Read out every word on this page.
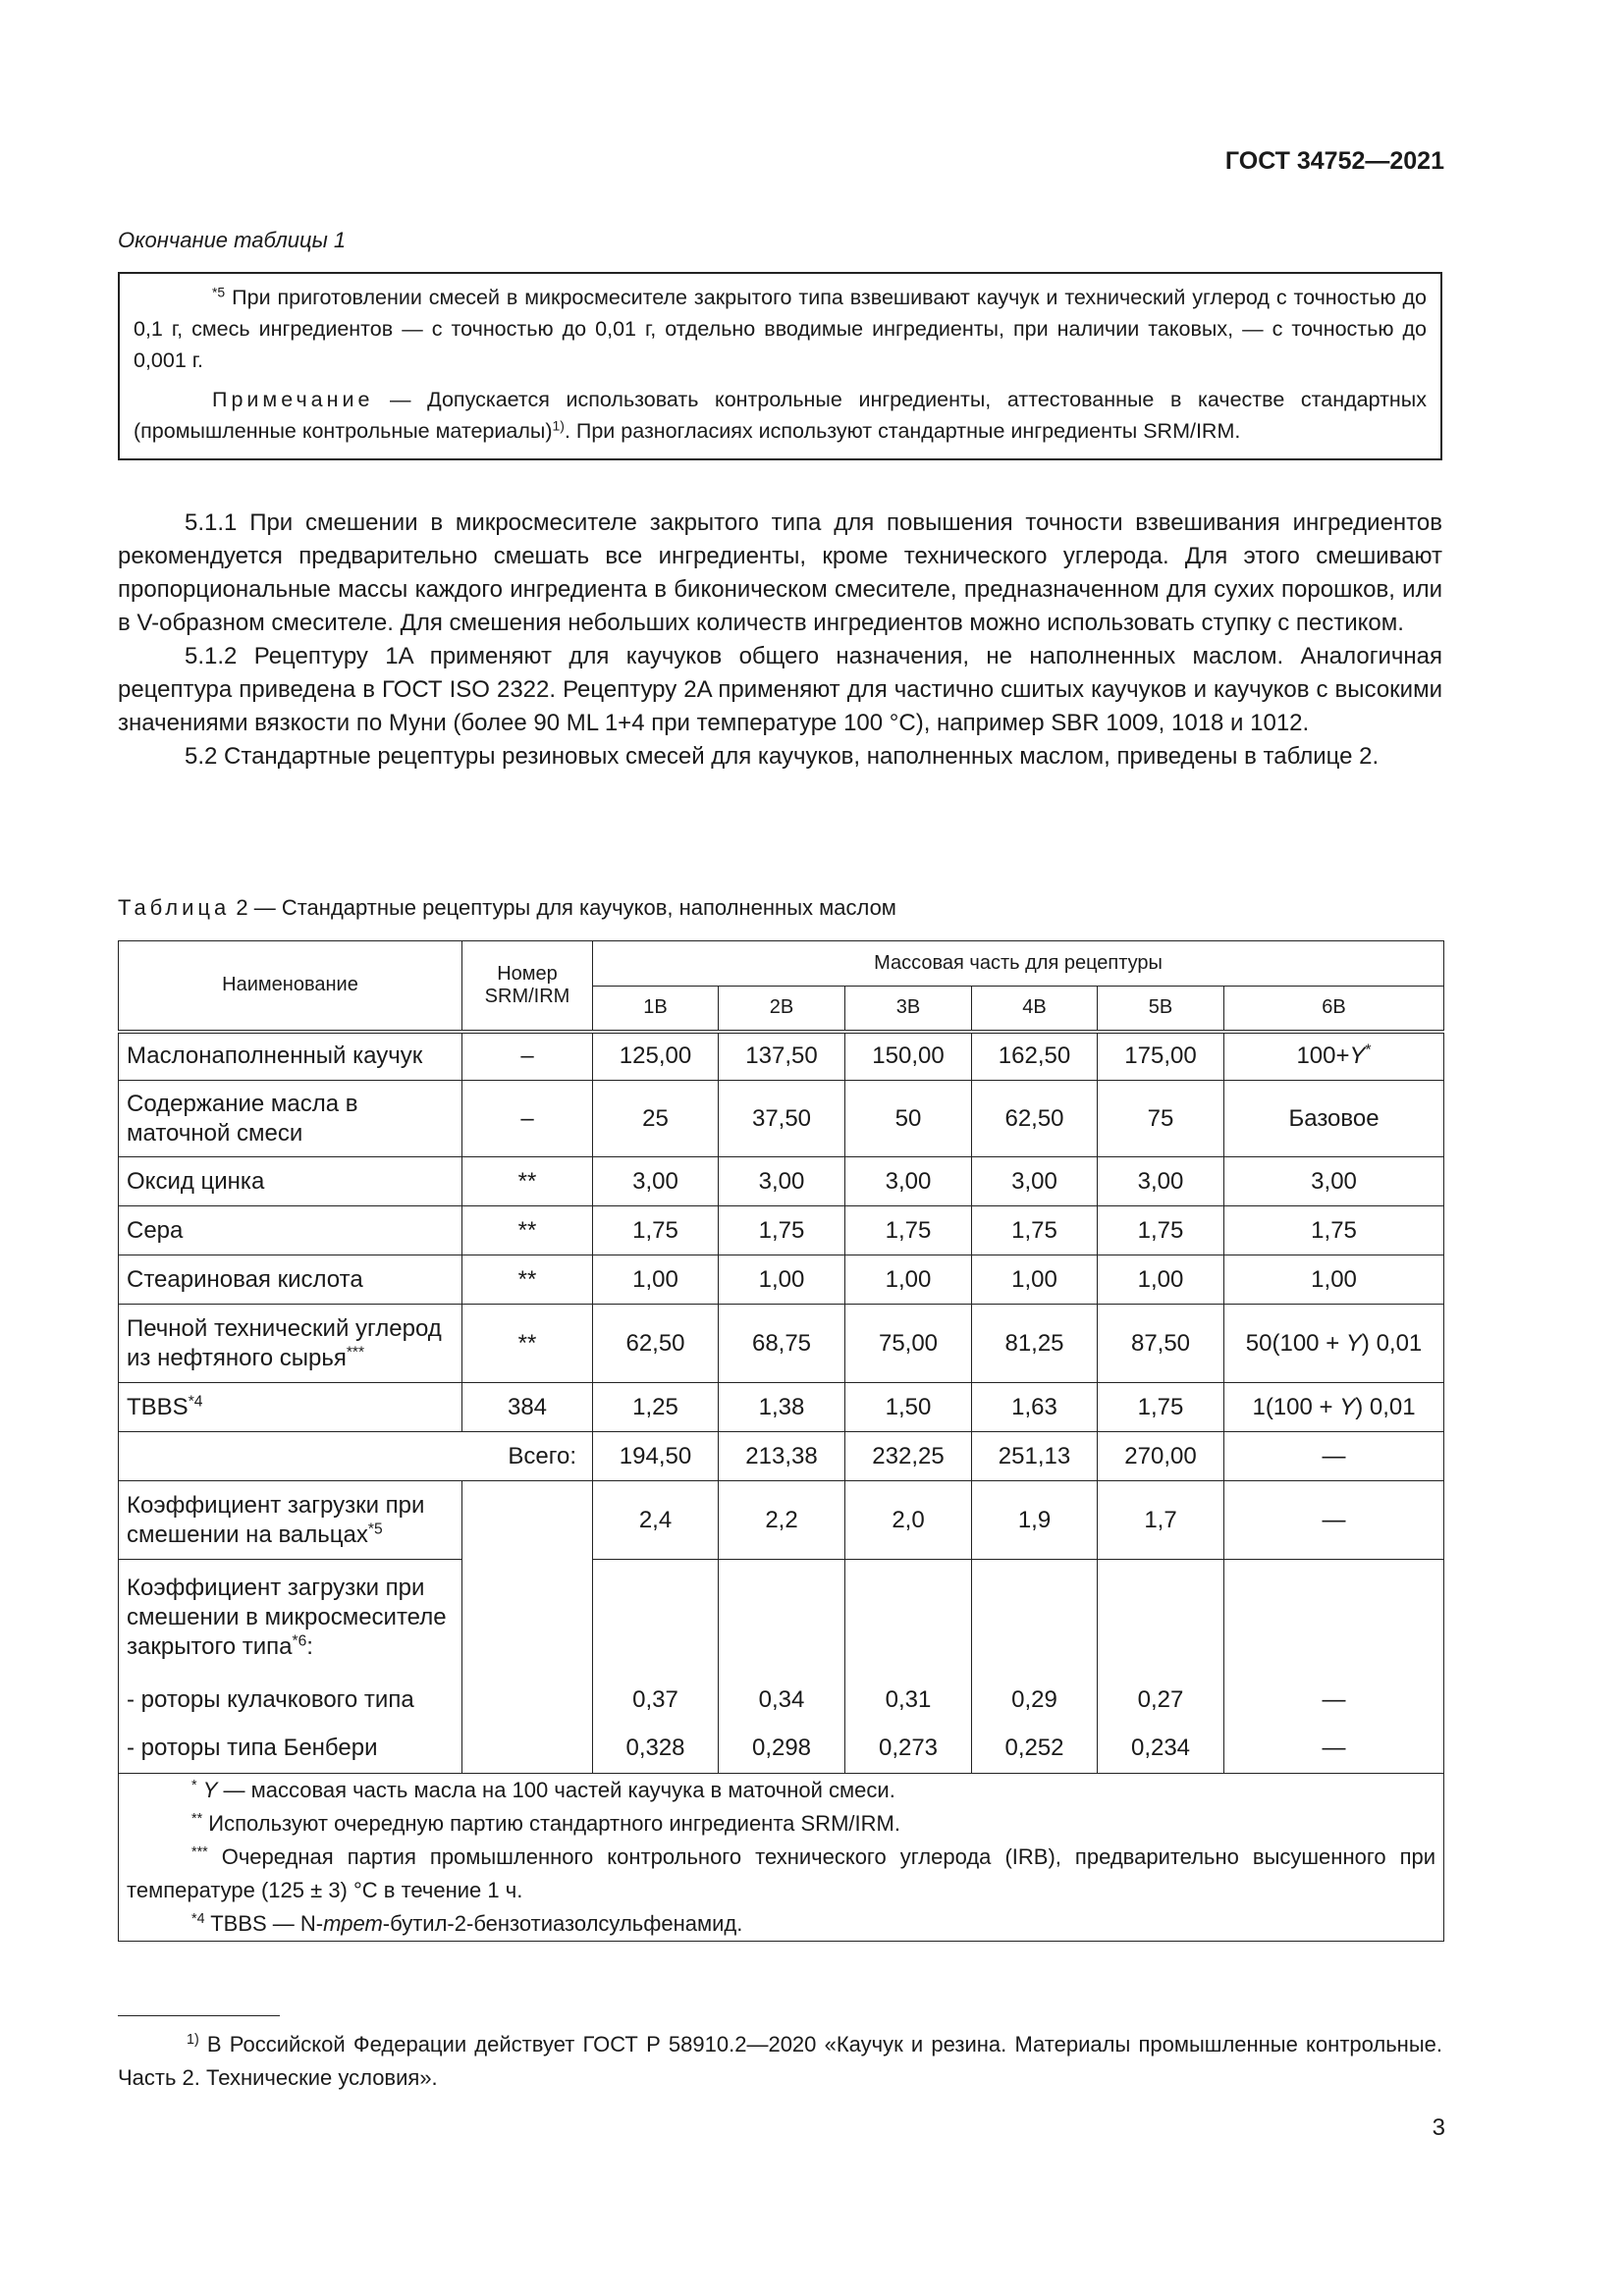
ГОСТ 34752—2021
Окончание таблицы 1

$^{*5}$ При приготовлении смесей в микросмесителе закрытого типа взвешивают каучук и технический углерод с точностью до 0,1 г, смесь ингредиентов — с точностью до 0,01 г, отдельно вводимые ингредиенты, при наличии таковых, — с точностью до 0,001 г.

Примечание — Допускается использовать контрольные ингредиенты, аттестованные в качестве стандартных (промышленные контрольные материалы)$^{1)}$. При разногласиях используют стандартные ингредиенты SRM/IRM.

5.1.1 При смешении в микросмесителе закрытого типа для повышения точности взвешивания ингредиентов рекомендуется предварительно смешать все ингредиенты, кроме технического углерода. Для этого смешивают пропорциональные массы каждого ингредиента в биконическом смесителе, предназначенном для сухих порошков, или в V-образном смесителе. Для смешения небольших количеств ингредиентов можно использовать ступку с пестиком.

5.1.2 Рецептуру 1A применяют для каучуков общего назначения, не наполненных маслом. Аналогичная рецептура приведена в ГОСТ ISO 2322. Рецептуру 2A применяют для частично сшитых каучуков и каучуков с высокими значениями вязкости по Муни (более 90 ML 1+4 при температуре 100 °С), например SBR 1009, 1018 и 1012.

5.2 Стандартные рецептуры резиновых смесей для каучуков, наполненных маслом, приведены в таблице 2.

Таблица 2 — Стандартные рецептуры для каучуков, наполненных маслом
Наименование	Номер SRM/IRM	Массовая часть для рецептуры					
		1B	2B	3B	4B	5B	6B
Маслонаполненный каучук	–	125,00	137,50	150,00	162,50	175,00	100+Y*
Содержание масла в маточной смеси	–	25	37,50	50	62,50	75	Базовое
Оксид цинка	**	3,00	3,00	3,00	3,00	3,00	3,00
Сера	**	1,75	1,75	1,75	1,75	1,75	1,75
Стеариновая кислота	**	1,00	1,00	1,00	1,00	1,00	1,00
Печной технический углерод из нефтяного сырья***	**	62,50	68,75	75,00	81,25	87,50	50(100 + Y) 0,01
TBBS$^{*4}$	384	1,25	1,38	1,50	1,63	1,75	1(100 + Y) 0,01
Всего:		194,50	213,38	232,25	251,13	270,00	—
Коэффициент загрузки при смешении на вальцах$^{*5}$		2,4	2,2	2,0	1,9	1,7	—
Коэффициент загрузки при смешении в микросмесителе закрытого типа$^{*6}$:							
- роторы кулачкового типа		0,37	0,34	0,31	0,29	0,27	—
- роторы типа Бенбери		0,328	0,298	0,273	0,252	0,234	—

* Y — массовая часть масла на 100 частей каучука в маточной смеси.

** Используют очередную партию стандартного ингредиента SRM/IRM.

*** Очередная партия промышленного контрольного технического углерода (IRB), предварительно высушенного при температуре (125 ± 3) °С в течение 1 ч.

$^{*4}$ TBBS — N-трет-бутил-2-бензотиазолсульфенамид.							

$^{1)}$ В Российской Федерации действует ГОСТ Р 58910.2—2020 «Каучук и резина. Материалы промышленные контрольные. Часть 2. Технические условия».

3
